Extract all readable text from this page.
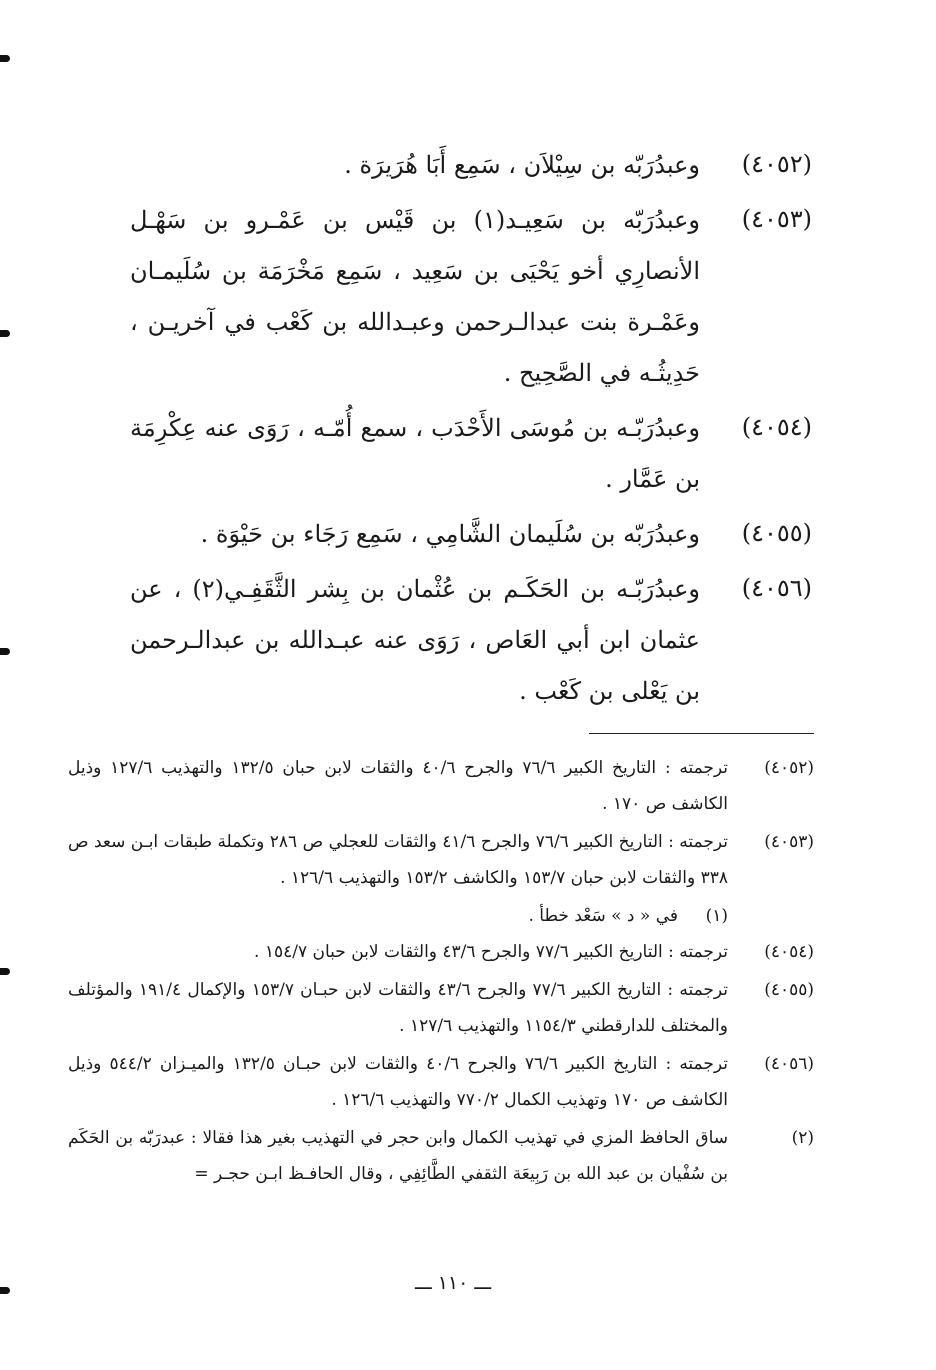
(٤٠٥٢)
وعبدُرَبّه بن سِيْلاَن ، سَمِع أَبَا هُرَيرَة .
(٤٠٥٣)
وعبدُرَبّه بن سَعِيـد(١) بن قَيْس بن عَمْـرو بن سَهْـل الأنصارِي أخو يَحْيَى بن سَعِيد ، سَمِع مَخْرَمَة بن سُلَيمـان وعَمْـرة بنت عبدالـرحمن وعبـدالله بن كَعْب في آخريـن ، حَدِيثُـه في الصَّحِيح .
(٤٠٥٤)
وعبدُرَبّـه بن مُوسَى الأَحْدَب ، سمع أُمّـه ، رَوَى عنه عِكْرِمَة بن عَمَّار .
(٤٠٥٥)
وعبدُرَبّه بن سُلَيمان الشَّامِي ، سَمِع رَجَاء بن حَيْوَة .
(٤٠٥٦)
وعبدُرَبّـه بن الحَكَـم بن عُثْمان بن بِشر الثَّقَفِـي(٢) ، عن عثمان ابن أبي العَاص ، رَوَى عنه عبـدالله بن عبدالـرحمن بن يَعْلى بن كَعْب .
(٤٠٥٢)
ترجمته : التاريخ الكبير ٧٦/٦ والجرح ٤٠/٦ والثقات لابن حبان ١٣٢/٥ والتهذيب ١٢٧/٦ وذيل الكاشف ص ١٧٠ .
(٤٠٥٣)
ترجمته : التاريخ الكبير ٧٦/٦ والجرح ٤١/٦ والثقات للعجلي ص ٢٨٦ وتكملة طبقات ابـن سعد ص ٣٣٨ والثقات لابن حبان ١٥٣/٧ والكاشف ١٥٣/٢ والتهذيب ١٢٦/٦ .
(١)
في « د » سَعْد خطأ .
(٤٠٥٤)
ترجمته : التاريخ الكبير ٧٧/٦ والجرح ٤٣/٦ والثقات لابن حبان ١٥٤/٧ .
(٤٠٥٥)
ترجمته : التاريخ الكبير ٧٧/٦ والجرح ٤٣/٦ والثقات لابن حبـان ١٥٣/٧ والإكمال ١٩١/٤ والمؤتلف والمختلف للدارقطني ١١٥٤/٣ والتهذيب ١٢٧/٦ .
(٤٠٥٦)
ترجمته : التاريخ الكبير ٧٦/٦ والجرح ٤٠/٦ والثقات لابن حبـان ١٣٢/٥ والميـزان ٥٤٤/٢ وذيل الكاشف ص ١٧٠ وتهذيب الكمال ٧٧٠/٢ والتهذيب ١٢٦/٦ .
(٢)
ساق الحافظ المزي في تهذيب الكمال وابن حجر في التهذيب بغير هذا فقالا : عبدرَبّه بن الحَكَم بن سُفْيان بن عبد الله بن رَبِيعَة الثقفي الطَّائِفِي ، وقال الحافـظ ابـن حجـر =
ـــ ١١٠ ـــ
